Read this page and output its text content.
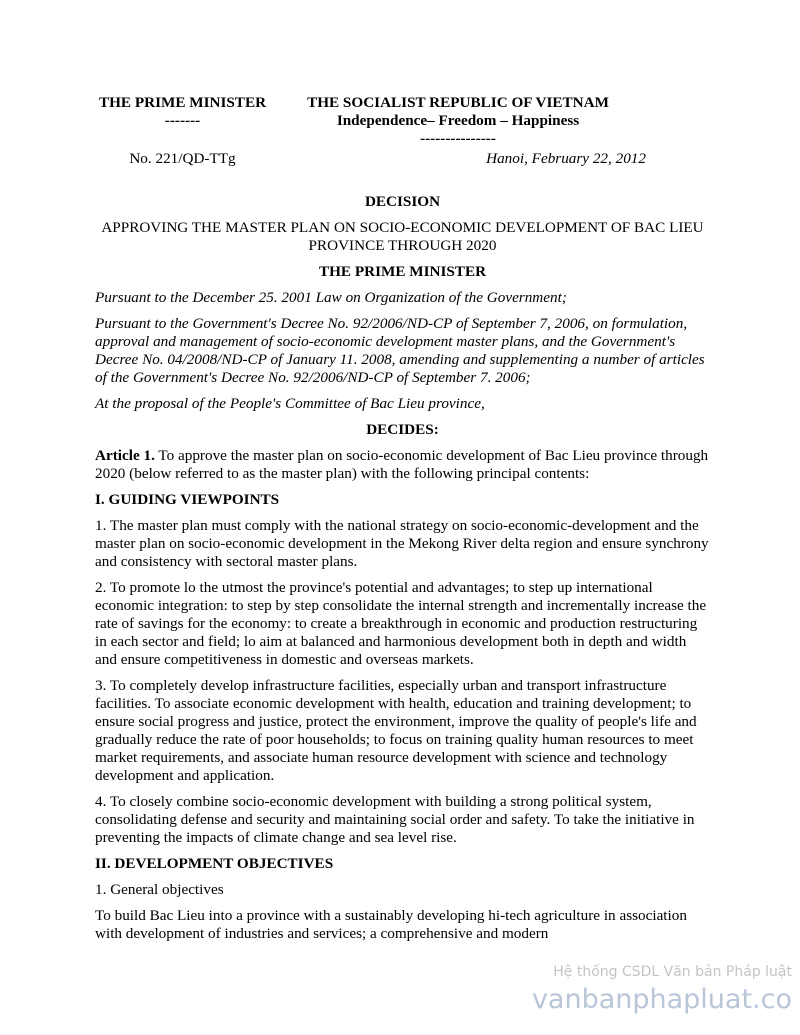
THE PRIME MINISTER
-------
THE SOCIALIST REPUBLIC OF VIETNAM
Independence– Freedom – Happiness
---------------
No. 221/QD-TTg	Hanoi, February 22, 2012

DECISION

APPROVING THE MASTER PLAN ON SOCIO-ECONOMIC DEVELOPMENT OF BAC LIEU PROVINCE THROUGH 2020

THE PRIME MINISTER

Pursuant to the December 25. 2001 Law on Organization of the Government;

Pursuant to the Government's Decree No. 92/2006/ND-CP of September 7, 2006, on formulation, approval and management of socio-economic development master plans, and the Government's Decree No. 04/2008/ND-CP of January 11. 2008, amending and supplementing a number of articles of the Government's Decree No. 92/2006/ND-CP of September 7. 2006;

At the proposal of the People's Committee of Bac Lieu province,

DECIDES:

Article 1. To approve the master plan on socio-economic development of Bac Lieu province through 2020 (below referred to as the master plan) with the following principal contents:

I. GUIDING VIEWPOINTS

1. The master plan must comply with the national strategy on socio-economic-development and the master plan on socio-economic development in the Mekong River delta region and ensure synchrony and consistency with sectoral master plans.

2. To promote lo the utmost the province's potential and advantages; to step up international economic integration: to step by step consolidate the internal strength and incrementally increase the rate of savings for the economy: to create a breakthrough in economic and production restructuring in each sector and field; lo aim at balanced and harmonious development both in depth and width and ensure competitiveness in domestic and overseas markets.

3. To completely develop infrastructure facilities, especially urban and transport infrastructure facilities. To associate economic development with health, education and training development; to ensure social progress and justice, protect the environment, improve the quality of people's life and gradually reduce the rate of poor households; to focus on training quality human resources to meet market requirements, and associate human resource development with science and technology development and application.

4. To closely combine socio-economic development with building a strong political system, consolidating defense and security and maintaining social order and safety. To take the initiative in preventing the impacts of climate change and sea level rise.

II. DEVELOPMENT OBJECTIVES

1. General objectives

To build Bac Lieu into a province with a sustainably developing hi-tech agriculture in association with development of industries and services; a comprehensive and modern

Hệ thống CSDL Văn bản Pháp luật
vanbanphapluat.co
